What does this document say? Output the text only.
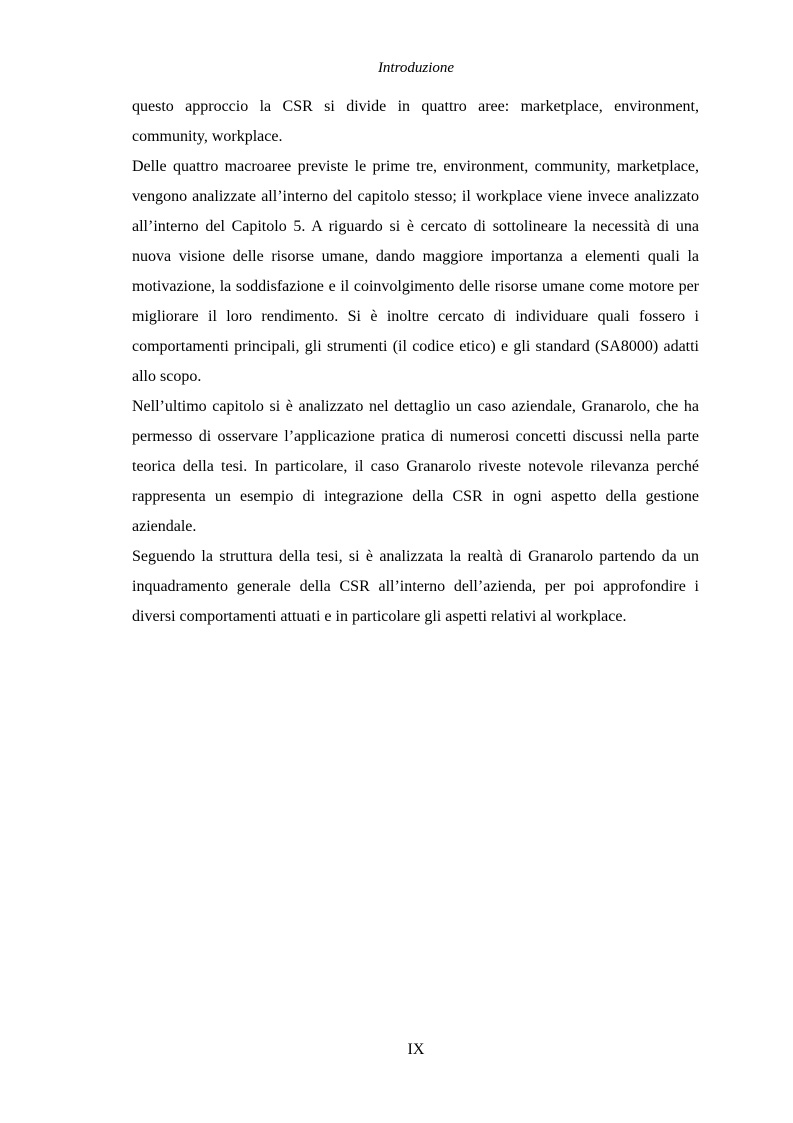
Introduzione

questo approccio la CSR si divide in quattro aree: marketplace, environment, community, workplace.

Delle quattro macroaree previste le prime tre, environment, community, marketplace, vengono analizzate all’interno del capitolo stesso; il workplace viene invece analizzato all’interno del Capitolo 5. A riguardo si è cercato di sottolineare la necessità di una nuova visione delle risorse umane, dando maggiore importanza a elementi quali la motivazione, la soddisfazione e il coinvolgimento delle risorse umane come motore per migliorare il loro rendimento. Si è inoltre cercato di individuare quali fossero i comportamenti principali, gli strumenti (il codice etico) e gli standard (SA8000) adatti allo scopo.

Nell’ultimo capitolo si è analizzato nel dettaglio un caso aziendale, Granarolo, che ha permesso di osservare l’applicazione pratica di numerosi concetti discussi nella parte teorica della tesi. In particolare, il caso Granarolo riveste notevole rilevanza perché rappresenta un esempio di integrazione della CSR in ogni aspetto della gestione aziendale.

Seguendo la struttura della tesi, si è analizzata la realtà di Granarolo partendo da un inquadramento generale della CSR all’interno dell’azienda, per poi approfondire i diversi comportamenti attuati e in particolare gli aspetti relativi al workplace.

IX
